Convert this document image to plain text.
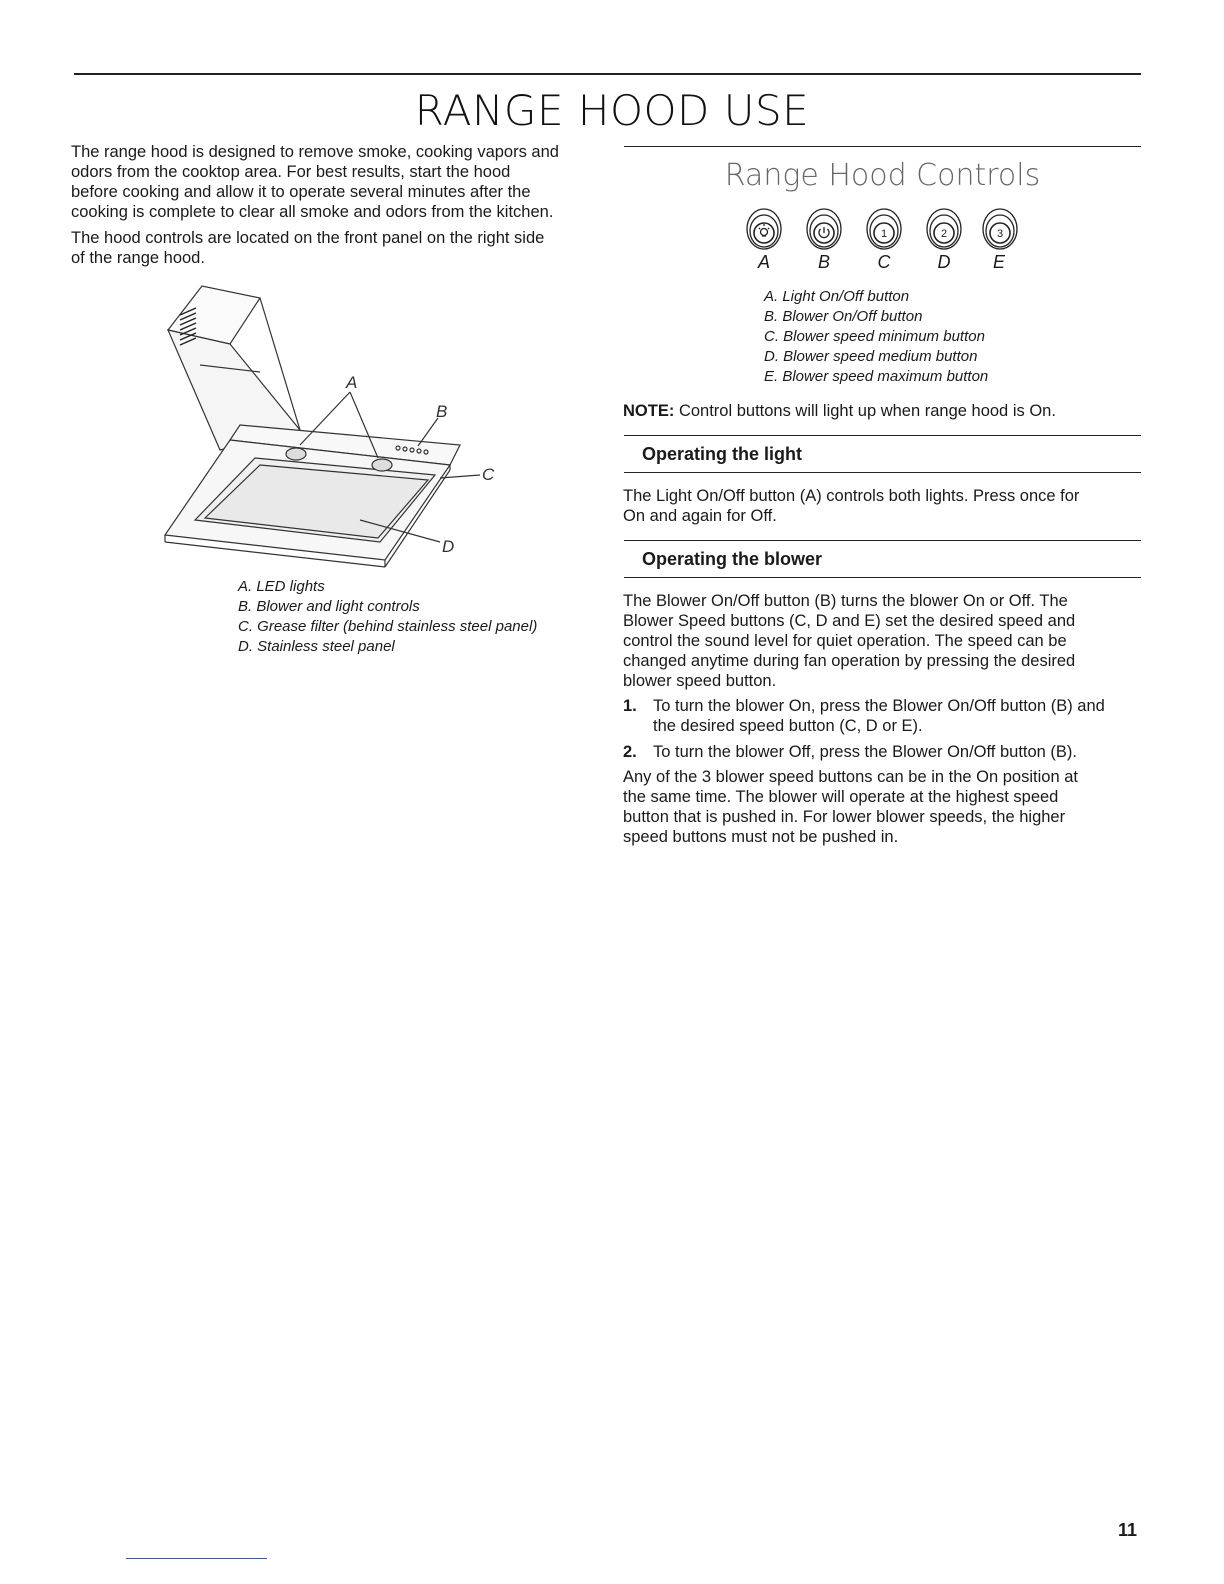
RANGE HOOD USE

The range hood is designed to remove smoke, cooking vapors and

odors from the cooktop area. For best results, start the hood

before cooking and allow it to operate several minutes after the

cooking is complete to clear all smoke and odors from the kitchen.

The hood controls are located on the front panel on the right side

of the range hood.

A
B
C
D
A. LED lights
B. Blower and light controls
C. Grease filter (behind stainless steel panel)
D. Stainless steel panel
Range Hood Controls
1	2	3
A	B	C	D	E
A. Light On/Off button
B. Blower On/Off button
C. Blower speed minimum button
D. Blower speed medium button
E. Blower speed maximum button
NOTE: Control buttons will light up when range hood is On.
Operating the light

The Light On/Off button (A) controls both lights. Press once for

On and again for Off.

Operating the blower

The Blower On/Off button (B) turns the blower On or Off. The

Blower Speed buttons (C, D and E) set the desired speed and

control the sound level for quiet operation. The speed can be

changed anytime during fan operation by pressing the desired

blower speed button.

1. To turn the blower On, press the Blower On/Off button (B) and

the desired speed button (C, D or E).

2. To turn the blower Off, press the Blower On/Off button (B).

Any of the 3 blower speed buttons can be in the On position at

the same time. The blower will operate at the highest speed

button that is pushed in. For lower blower speeds, the higher

speed buttons must not be pushed in.

11
